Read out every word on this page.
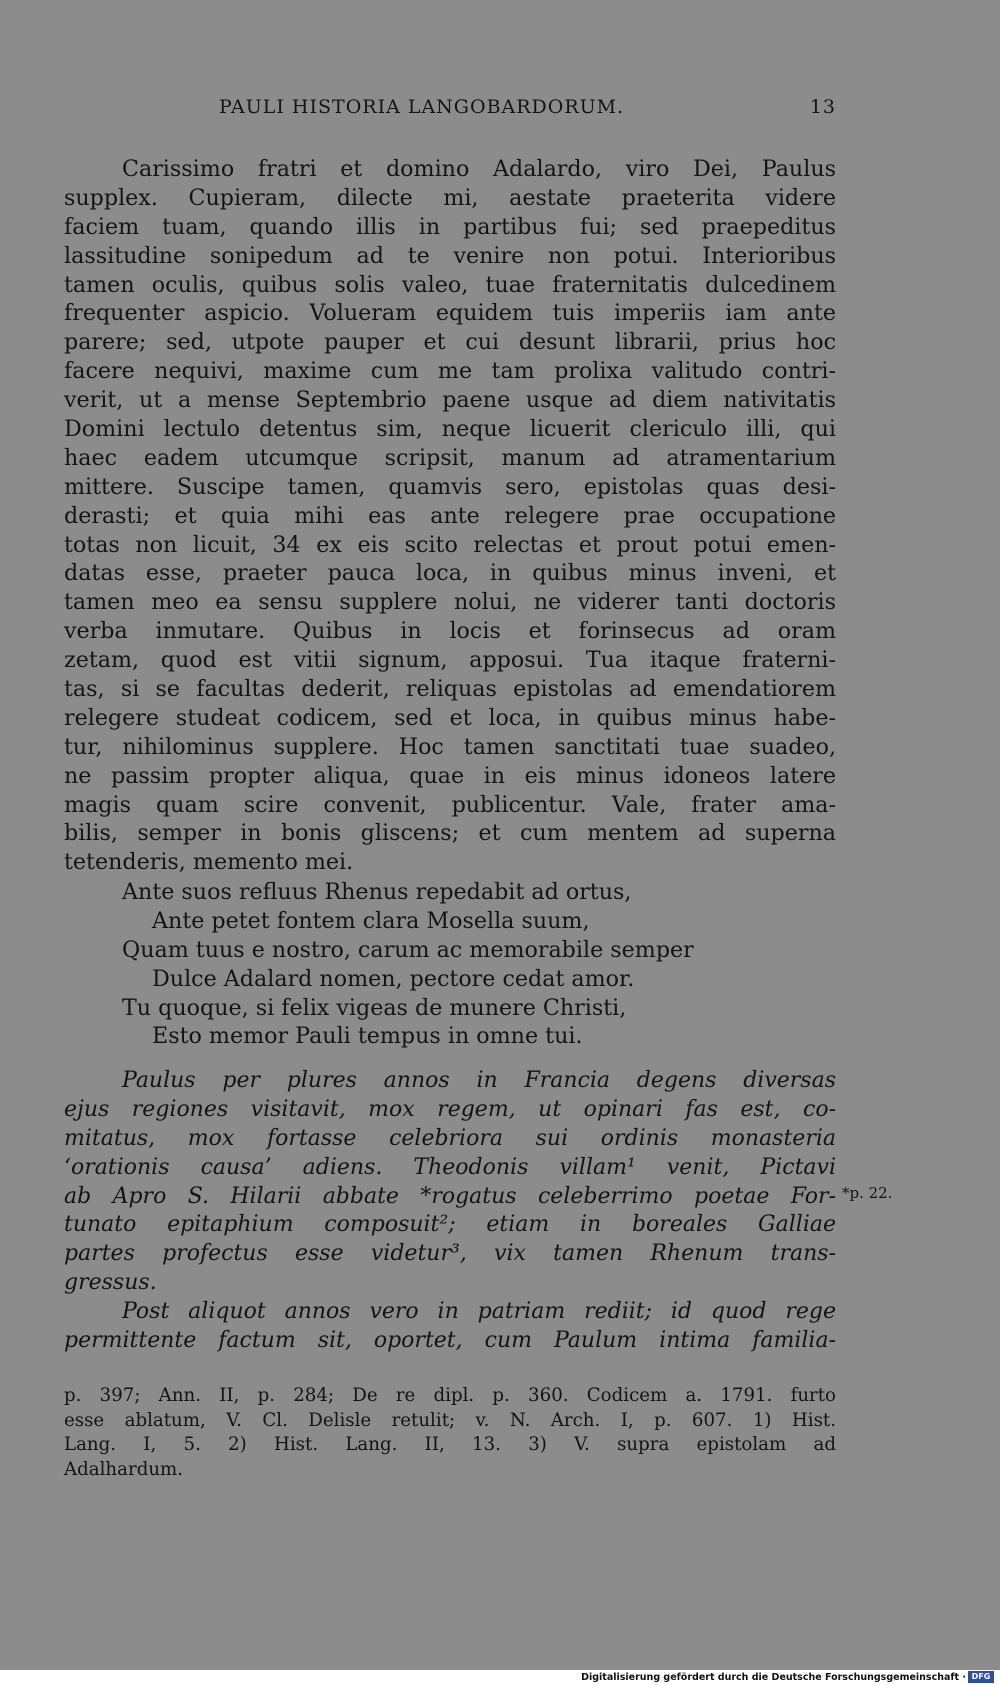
PAULI HISTORIA LANGOBARDORUM.	13
Carissimo fratri et domino Adalardo, viro Dei, Paulus
supplex. Cupieram, dilecte mi, aestate praeterita videre
faciem tuam, quando illis in partibus fui; sed praepeditus
lassitudine sonipedum ad te venire non potui. Interioribus
tamen oculis, quibus solis valeo, tuae fraternitatis dulcedinem
frequenter aspicio. Volueram equidem tuis imperiis iam ante
parere; sed, utpote pauper et cui desunt librarii, prius hoc
facere nequivi, maxime cum me tam prolixa valitudo contri-
verit, ut a mense Septembrio paene usque ad diem nativitatis
Domini lectulo detentus sim, neque licuerit clericulo illi, qui
haec eadem utcumque scripsit, manum ad atramentarium
mittere. Suscipe tamen, quamvis sero, epistolas quas desi-
derasti; et quia mihi eas ante relegere prae occupatione
totas non licuit, 34 ex eis scito relectas et prout potui emen-
datas esse, praeter pauca loca, in quibus minus inveni, et
tamen meo ea sensu supplere nolui, ne viderer tanti doctoris
verba inmutare. Quibus in locis et forinsecus ad oram
zetam, quod est vitii signum, apposui. Tua itaque fraterni-
tas, si se facultas dederit, reliquas epistolas ad emendatiorem
relegere studeat codicem, sed et loca, in quibus minus habe-
tur, nihilominus supplere. Hoc tamen sanctitati tuae suadeo,
ne passim propter aliqua, quae in eis minus idoneos latere
magis quam scire convenit, publicentur. Vale, frater ama-
bilis, semper in bonis gliscens; et cum mentem ad superna
tetenderis, memento mei.
Ante suos refluus Rhenus repedabit ad ortus,
Ante petet fontem clara Mosella suum,
Quam tuus e nostro, carum ac memorabile semper
Dulce Adalard nomen, pectore cedat amor.
Tu quoque, si felix vigeas de munere Christi,
Esto memor Pauli tempus in omne tui.
Paulus per plures annos in Francia degens diversas
ejus regiones visitavit, mox regem, ut opinari fas est, co-
mitatus, mox fortasse celebriora sui ordinis monasteria
‘orationis causa’ adiens. Theodonis villam¹ venit, Pictavi
ab Apro S. Hilarii abbate *rogatus celeberrimo poetae For-
tunato epitaphium composuit²; etiam in boreales Galliae
partes profectus esse videtur³, vix tamen Rhenum trans-
gressus.
Post aliquot annos vero in patriam rediit; id quod rege
permittente factum sit, oportet, cum Paulum intima familia-
*p. 22.
p. 397; Ann. II, p. 284; De re dipl. p. 360. Codicem a. 1791. furto
esse ablatum, V. Cl. Delisle retulit; v. N. Arch. I, p. 607. 1) Hist.
Lang. I, 5. 2) Hist. Lang. II, 13. 3) V. supra epistolam ad
Adalhardum.
Digitalisierung gefördert durch die Deutsche Forschungsgemeinschaft · DFG
